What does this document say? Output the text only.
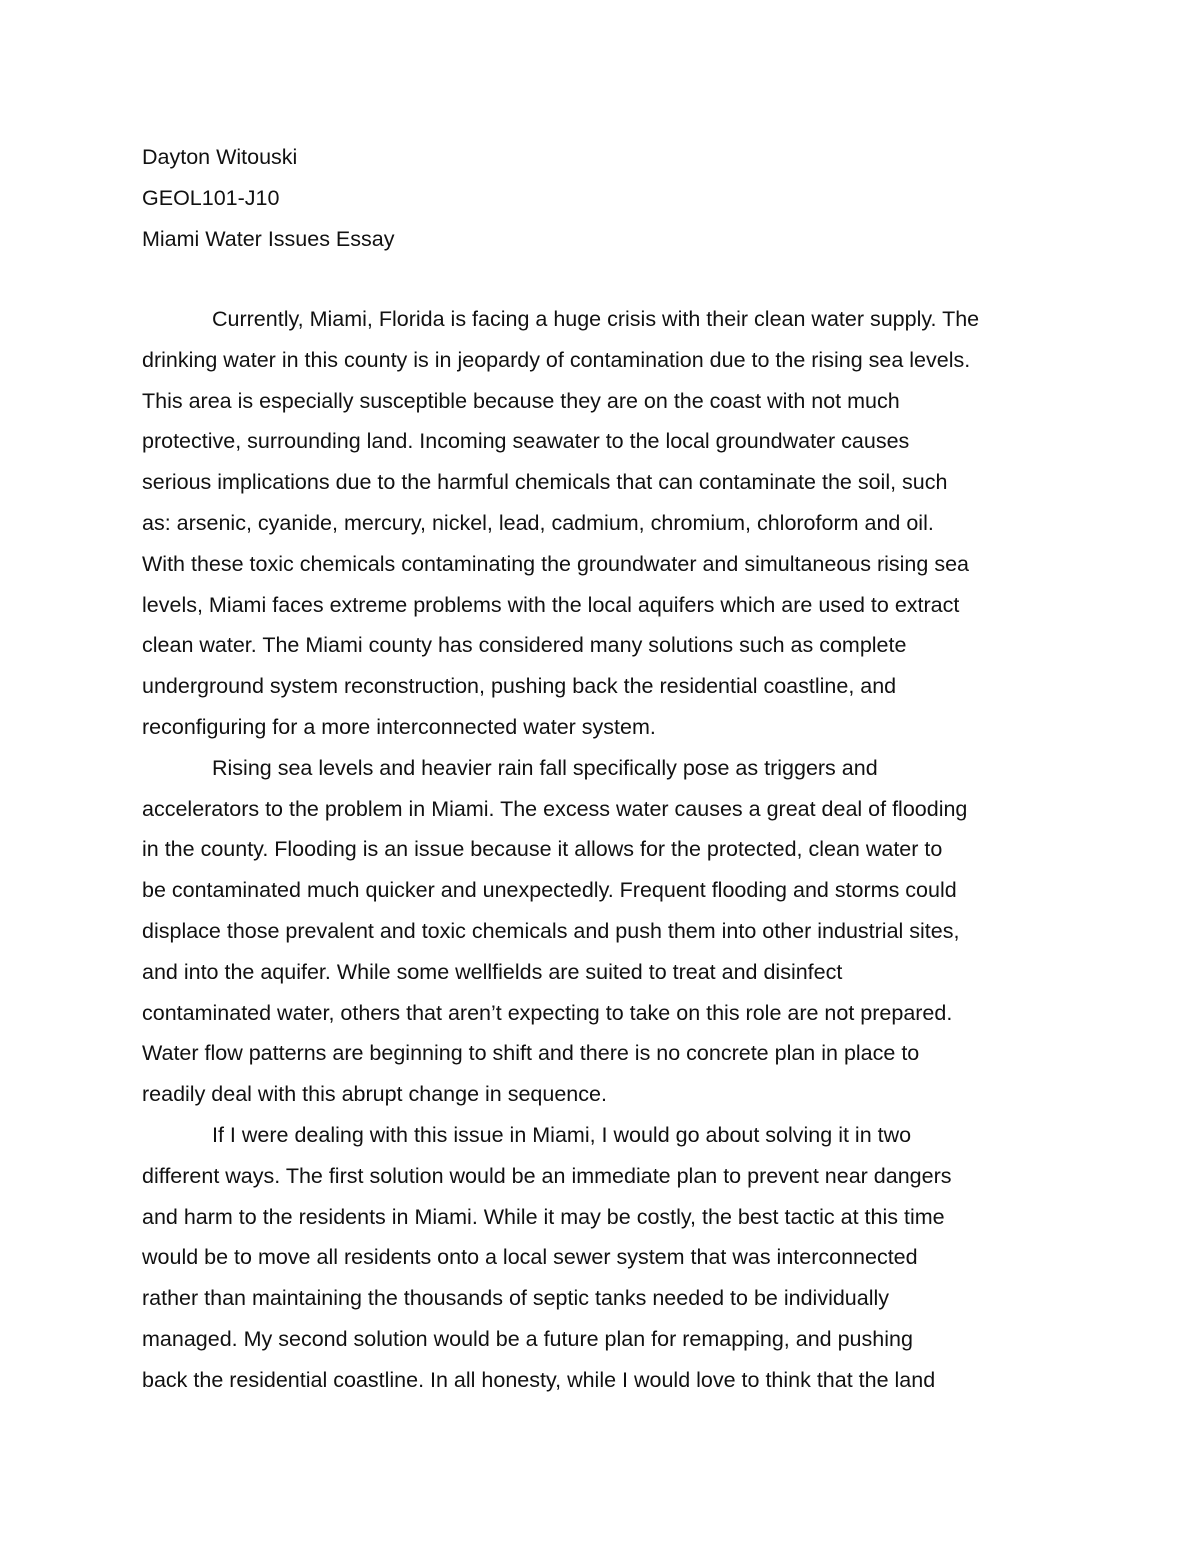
Dayton Witouski
GEOL101-J10
Miami Water Issues Essay
Currently, Miami, Florida is facing a huge crisis with their clean water supply. The
drinking water in this county is in jeopardy of contamination due to the rising sea levels.
This area is especially susceptible because they are on the coast with not much
protective, surrounding land. Incoming seawater to the local groundwater causes
serious implications due to the harmful chemicals that can contaminate the soil, such
as: arsenic, cyanide, mercury, nickel, lead, cadmium, chromium, chloroform and oil.
With these toxic chemicals contaminating the groundwater and simultaneous rising sea
levels, Miami faces extreme problems with the local aquifers which are used to extract
clean water. The Miami county has considered many solutions such as complete
underground system reconstruction, pushing back the residential coastline, and
reconfiguring for a more interconnected water system.
Rising sea levels and heavier rain fall specifically pose as triggers and
accelerators to the problem in Miami. The excess water causes a great deal of flooding
in the county. Flooding is an issue because it allows for the protected, clean water to
be contaminated much quicker and unexpectedly. Frequent flooding and storms could
displace those prevalent and toxic chemicals and push them into other industrial sites,
and into the aquifer. While some wellfields are suited to treat and disinfect
contaminated water, others that aren’t expecting to take on this role are not prepared.
Water flow patterns are beginning to shift and there is no concrete plan in place to
readily deal with this abrupt change in sequence.
If I were dealing with this issue in Miami, I would go about solving it in two
different ways. The first solution would be an immediate plan to prevent near dangers
and harm to the residents in Miami. While it may be costly, the best tactic at this time
would be to move all residents onto a local sewer system that was interconnected
rather than maintaining the thousands of septic tanks needed to be individually
managed. My second solution would be a future plan for remapping, and pushing
back the residential coastline. In all honesty, while I would love to think that the land
